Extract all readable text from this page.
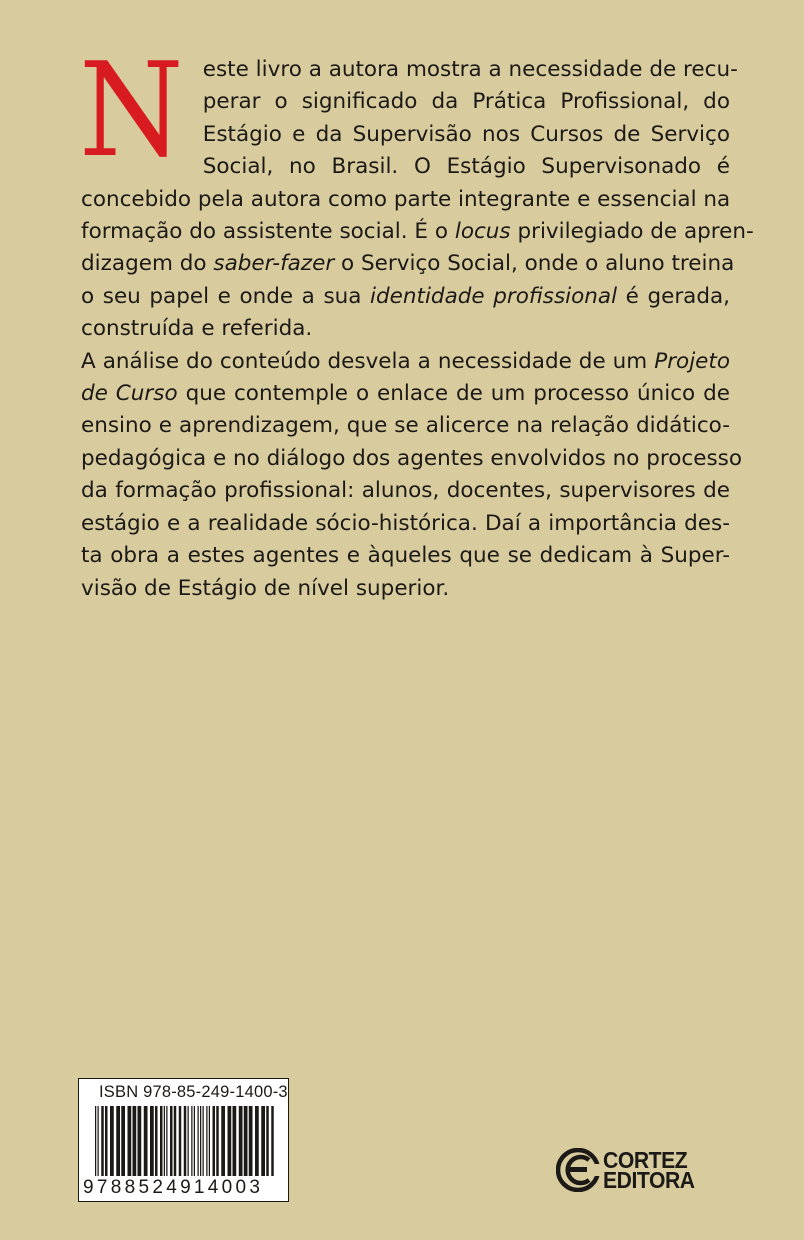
N este livro a autora mostra a necessidade de recu-
perar o significado da Prática Profissional, do
Estágio e da Supervisão nos Cursos de Serviço
Social, no Brasil. O Estágio Supervisonado é
concebido pela autora como parte integrante e essencial na
formação do assistente social. É o locus privilegiado de apren-
dizagem do saber-fazer o Serviço Social, onde o aluno treina
o seu papel e onde a sua identidade profissional é gerada,
construída e referida.

A análise do conteúdo desvela a necessidade de um Projeto
de Curso que contemple o enlace de um processo único de
ensino e aprendizagem, que se alicerce na relação didático-
pedagógica e no diálogo dos agentes envolvidos no processo
da formação profissional: alunos, docentes, supervisores de
estágio e a realidade sócio-histórica. Daí a importância des-
ta obra a estes agentes e àqueles que se dedicam à Super-
visão de Estágio de nível superior.

ISBN 978-85-249-1400-3
9788524914003
CORTEZ
EDITORA
